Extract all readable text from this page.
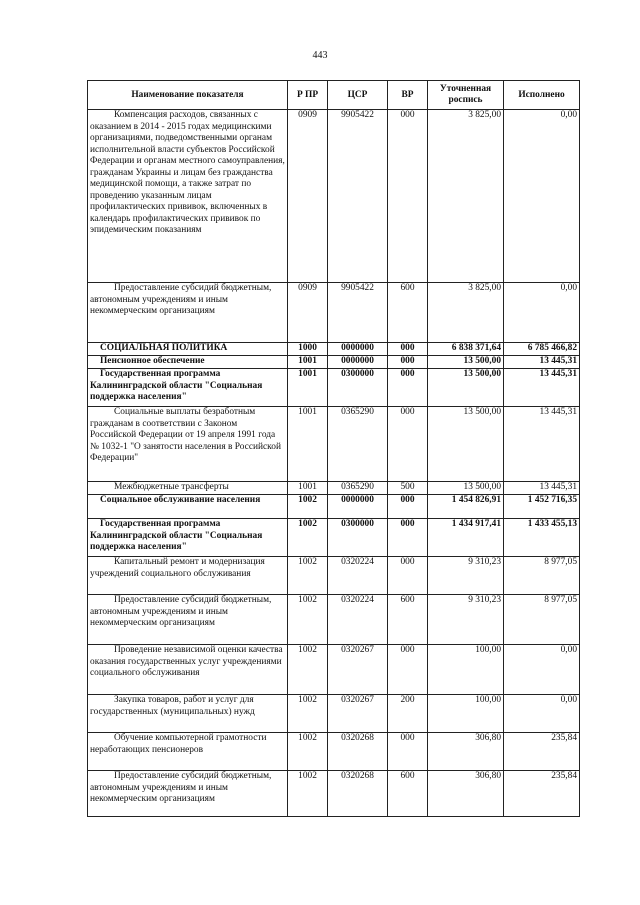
443
Наименование показателя	Р ПР	ЦСР	ВР	Уточненная роспись	Исполнено

Компенсация расходов, связанных с оказанием в 2014 - 2015 годах медицинскими организациями, подведомственными органам исполнительной власти субъектов Российской Федерации и органам местного самоуправления, гражданам Украины и лицам без гражданства медицинской помощи, а также затрат по проведению указанным лицам профилактических прививок, включенных в календарь профилактических прививок по эпидемическим показаниям	0909	9905422	000	3 825,00	0,00

Предоставление субсидий бюджетным, автономным учреждениям и иным некоммерческим организациям	0909	9905422	600	3 825,00	0,00

СОЦИАЛЬНАЯ ПОЛИТИКА	1000	0000000	000	6 838 371,64	6 785 466,82

Пенсионное обеспечение	1001	0000000	000	13 500,00	13 445,31

Государственная программа Калининградской области "Социальная поддержка населения"	1001	0300000	000	13 500,00	13 445,31

Социальные выплаты безработным гражданам в соответствии с Законом Российской Федерации от 19 апреля 1991 года № 1032-1 "О занятости населения в Российской Федерации"	1001	0365290	000	13 500,00	13 445,31

Межбюджетные трансферты	1001	0365290	500	13 500,00	13 445,31

Социальное обслуживание населения	1002	0000000	000	1 454 826,91	1 452 716,35

Государственная программа Калининградской области "Социальная поддержка населения"	1002	0300000	000	1 434 917,41	1 433 455,13

Капитальный ремонт и модернизация учреждений социального обслуживания	1002	0320224	000	9 310,23	8 977,05

Предоставление субсидий бюджетным, автономным учреждениям и иным некоммерческим организациям	1002	0320224	600	9 310,23	8 977,05

Проведение независимой оценки качества оказания государственных услуг учреждениями социального обслуживания	1002	0320267	000	100,00	0,00

Закупка товаров, работ и услуг для государственных (муниципальных) нужд	1002	0320267	200	100,00	0,00

Обучение компьютерной грамотности неработающих пенсионеров	1002	0320268	000	306,80	235,84

Предоставление субсидий бюджетным, автономным учреждениям и иным некоммерческим организациям	1002	0320268	600	306,80	235,84
